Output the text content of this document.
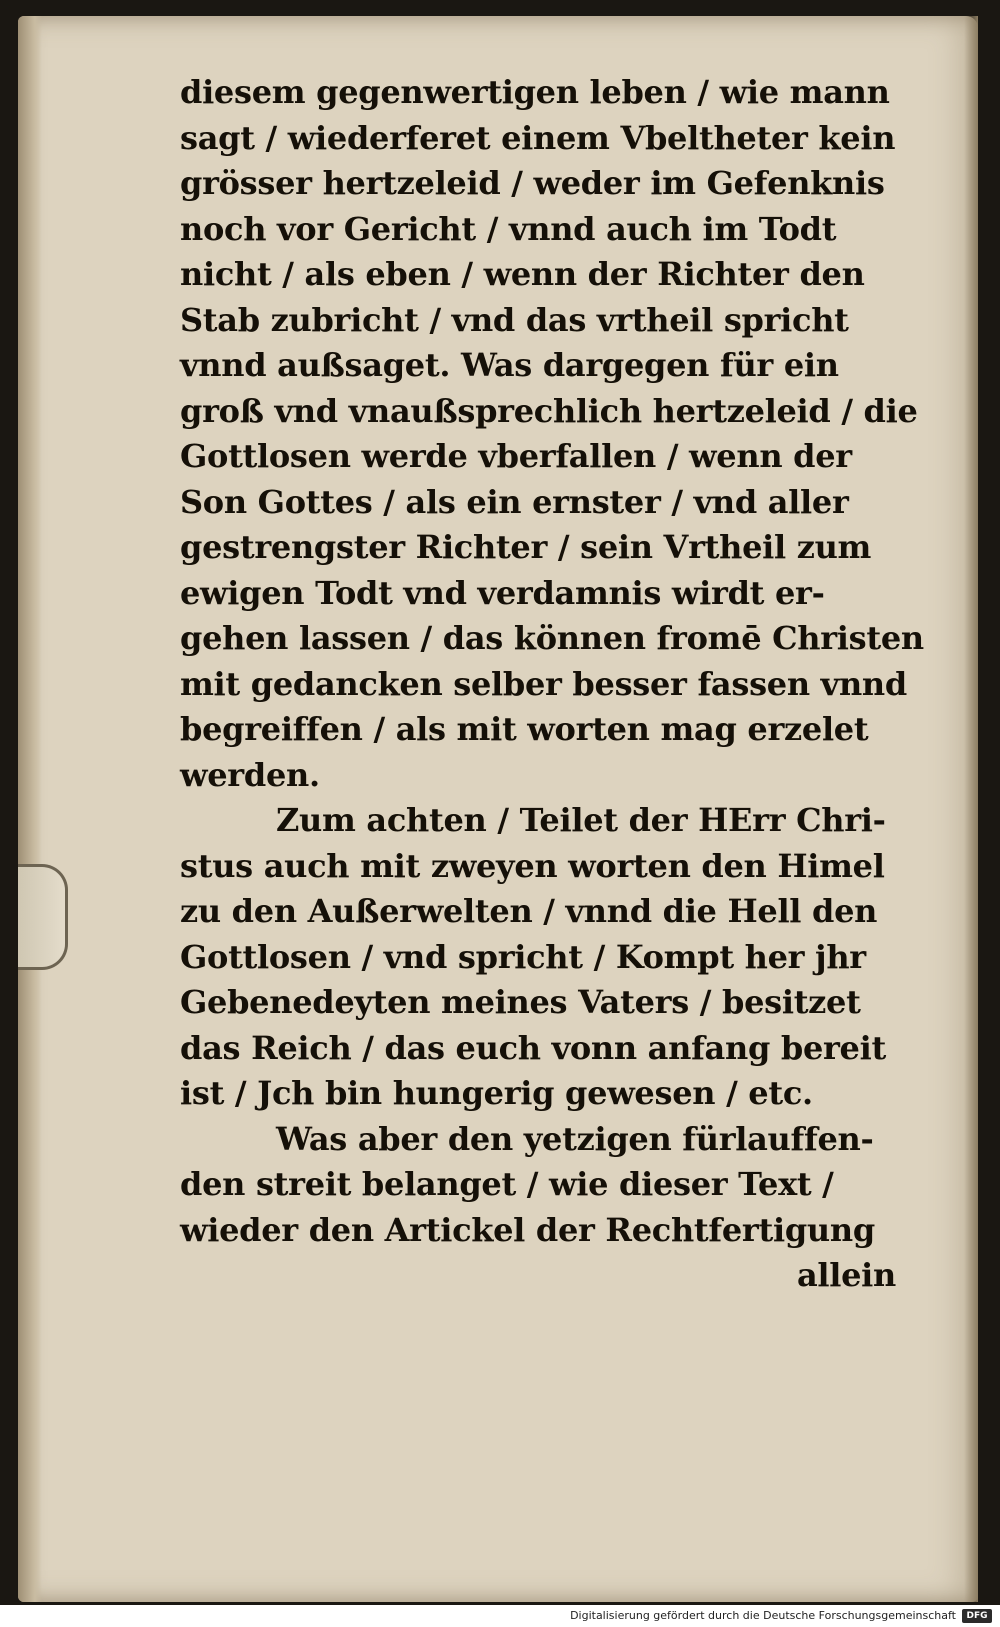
diesem gegenwertigen leben / wie mann
sagt / wiederferet einem Vbeltheter kein
grösser hertzeleid / weder im Gefenknis
noch vor Gericht / vnnd auch im Todt
nicht / als eben / wenn der Richter den
Stab zubricht / vnd das vrtheil spricht
vnnd außsaget. Was dargegen für ein
groß vnd vnaußsprechlich hertzeleid / die
Gottlosen werde vberfallen / wenn der
Son Gottes / als ein ernster / vnd aller
gestrengster Richter / sein Vrtheil zum
ewigen Todt vnd verdamnis wirdt er-
gehen lassen / das können fromē Christen
mit gedancken selber besser fassen vnnd
begreiffen / als mit worten mag erzelet
werden.
Zum achten / Teilet der HErr Chri-
stus auch mit zweyen worten den Himel
zu den Außerwelten / vnnd die Hell den
Gottlosen / vnd spricht / Kompt her jhr
Gebenedeyten meines Vaters / besitzet
das Reich / das euch vonn anfang bereit
ist / Jch bin hungerig gewesen / etc.
Was aber den yetzigen fürlauffen-
den streit belanget / wie dieser Text /
wieder den Artickel der Rechtfertigung
allein
Digitalisierung gefördert durch die Deutsche Forschungsgemeinschaft	DFG
